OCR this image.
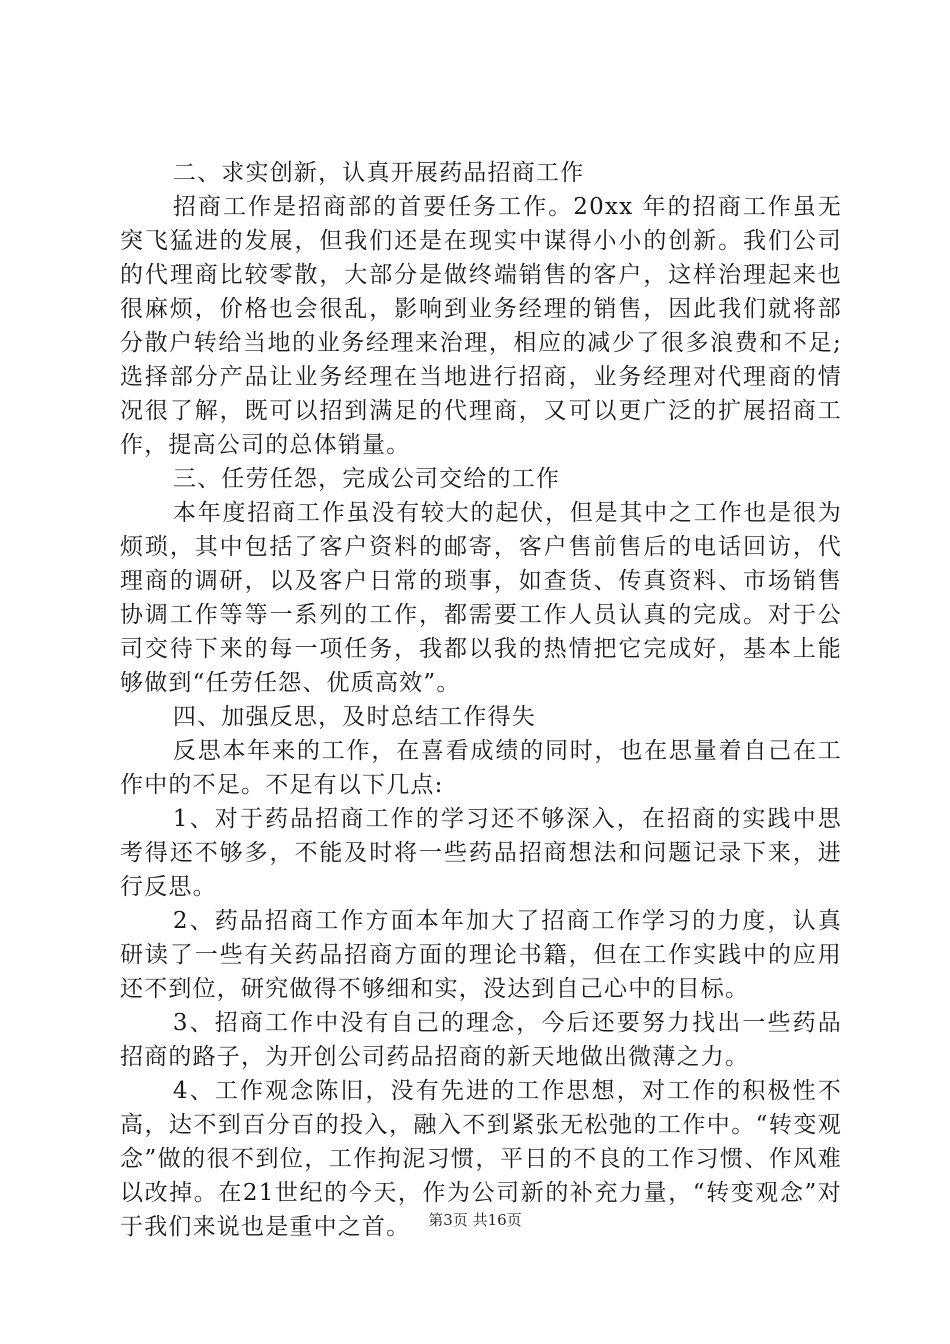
二、求实创新，认真开展药品招商工作

招商工作是招商部的首要任务工作。20xx 年的招商工作虽无突飞猛进的发展，但我们还是在现实中谋得小小的创新。我们公司的代理商比较零散，大部分是做终端销售的客户，这样治理起来也很麻烦，价格也会很乱，影响到业务经理的销售，因此我们就将部分散户转给当地的业务经理来治理，相应的减少了很多浪费和不足;选择部分产品让业务经理在当地进行招商，业务经理对代理商的情况很了解，既可以招到满足的代理商，又可以更广泛的扩展招商工作，提高公司的总体销量。

三、任劳任怨，完成公司交给的工作

本年度招商工作虽没有较大的起伏，但是其中之工作也是很为烦琐，其中包括了客户资料的邮寄，客户售前售后的电话回访，代理商的调研，以及客户日常的琐事，如查货、传真资料、市场销售协调工作等等一系列的工作，都需要工作人员认真的完成。对于公司交待下来的每一项任务，我都以我的热情把它完成好，基本上能够做到“任劳任怨、优质高效”。

四、加强反思，及时总结工作得失

反思本年来的工作，在喜看成绩的同时，也在思量着自己在工作中的不足。不足有以下几点:

1、对于药品招商工作的学习还不够深入，在招商的实践中思考得还不够多，不能及时将一些药品招商想法和问题记录下来，进行反思。

2、药品招商工作方面本年加大了招商工作学习的力度，认真研读了一些有关药品招商方面的理论书籍，但在工作实践中的应用还不到位，研究做得不够细和实，没达到自己心中的目标。

3、招商工作中没有自己的理念，今后还要努力找出一些药品招商的路子，为开创公司药品招商的新天地做出微薄之力。

4、工作观念陈旧，没有先进的工作思想，对工作的积极性不高，达不到百分百的投入，融入不到紧张无松弛的工作中。“转变观念”做的很不到位，工作拘泥习惯，平日的不良的工作习惯、作风难以改掉。在21世纪的今天，作为公司新的补充力量，“转变观念”对于我们来说也是重中之首。	第3页 共16页
